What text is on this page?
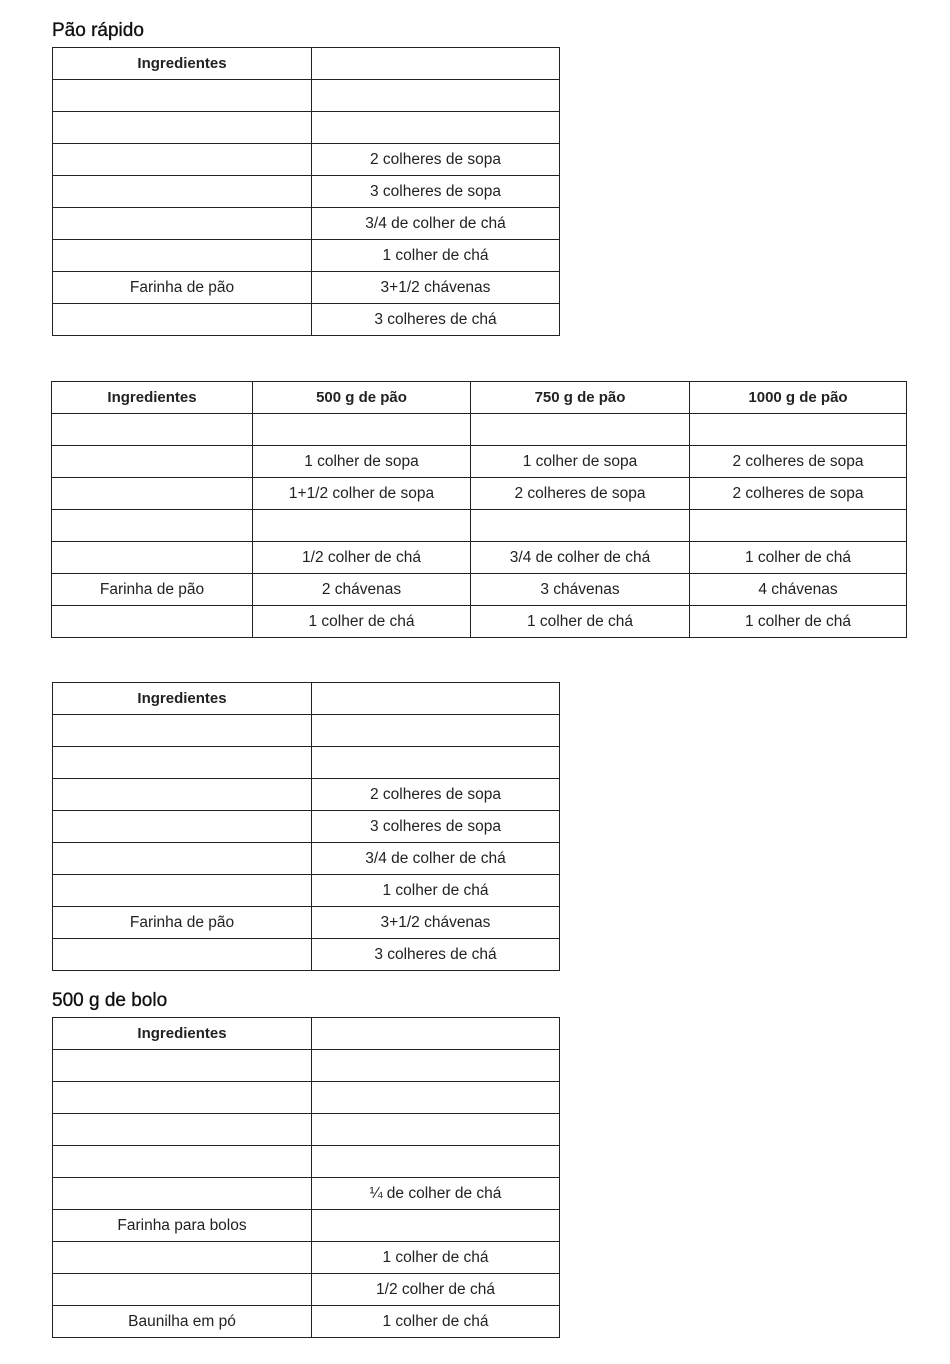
Pão rápido
Ingredientes	

	2 colheres de sopa
	3 colheres de sopa
	3/4 de colher de chá
	1 colher de chá
Farinha de pão	3+1/2 chávenas
	3 colheres de chá
Ingredientes	500 g de pão	750 g de pão	1000 g de pão

	1 colher de sopa	1 colher de sopa	2 colheres de sopa
	1+1/2 colher de sopa	2 colheres de sopa	2 colheres de sopa

	1/2 colher de chá	3/4 de colher de chá	1 colher de chá
Farinha de pão	2 chávenas	3 chávenas	4 chávenas
	1 colher de chá	1 colher de chá	1 colher de chá
Ingredientes	

	2 colheres de sopa
	3 colheres de sopa
	3/4 de colher de chá
	1 colher de chá
Farinha de pão	3+1/2 chávenas
	3 colheres de chá
500 g de bolo
Ingredientes	

	¼ de colher de chá
Farinha para bolos	
	1 colher de chá
	1/2 colher de chá
Baunilha em pó	1 colher de chá
